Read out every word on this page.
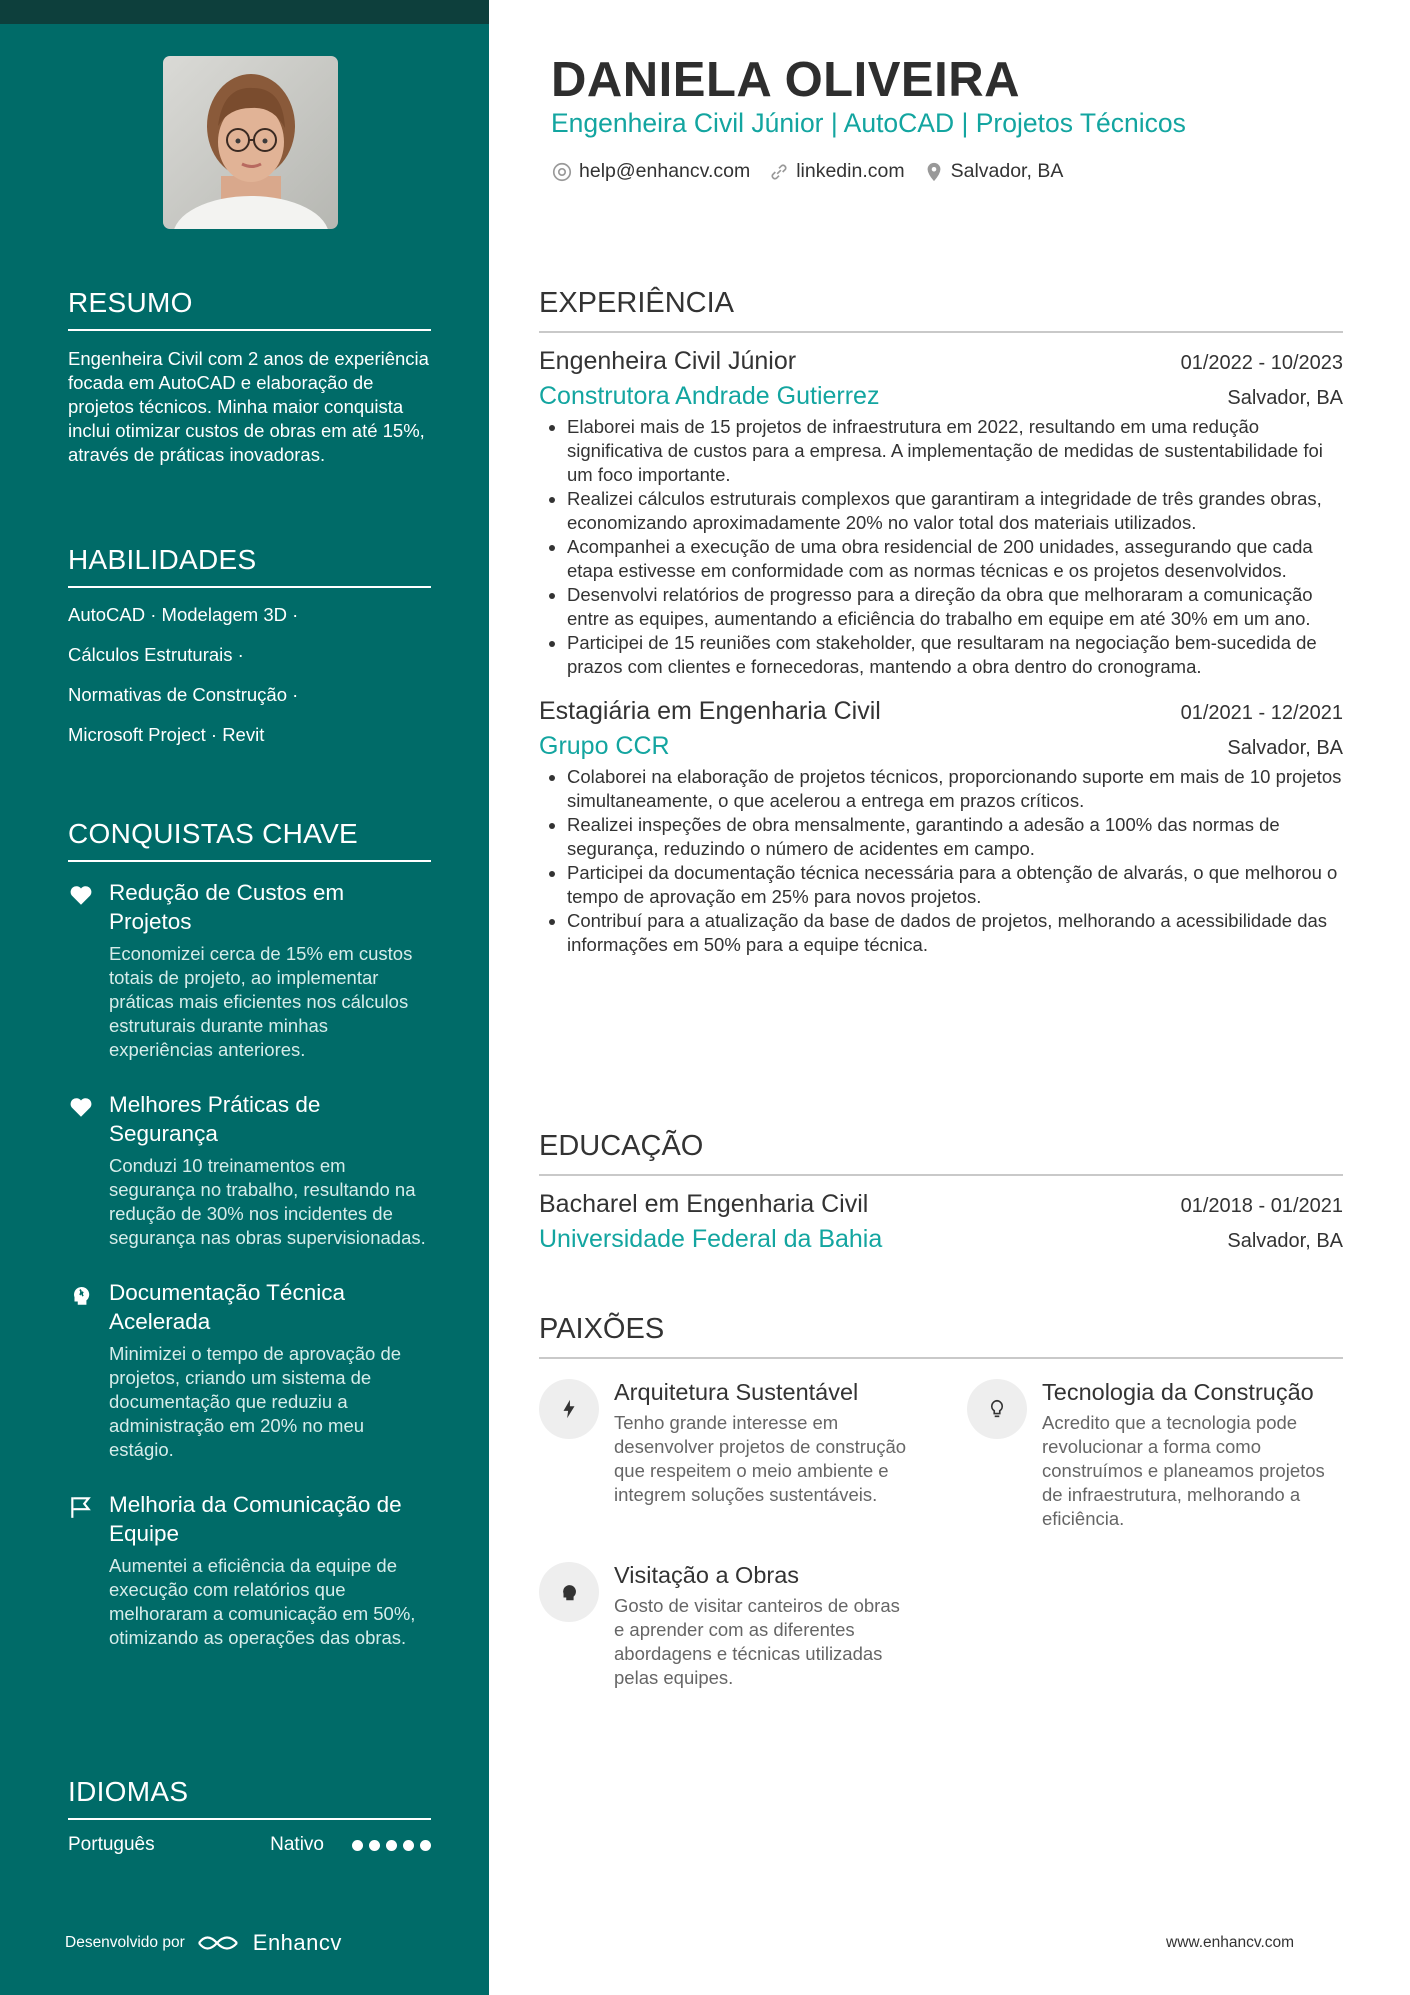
RESUMO
Engenheira Civil com 2 anos de experiência focada em AutoCAD e elaboração de projetos técnicos. Minha maior conquista inclui otimizar custos de obras em até 15%, através de práticas inovadoras.
HABILIDADES
AutoCAD · Modelagem 3D ·
Cálculos Estruturais ·
Normativas de Construção ·
Microsoft Project · Revit
CONQUISTAS CHAVE
Redução de Custos em Projetos
Economizei cerca de 15% em custos totais de projeto, ao implementar práticas mais eficientes nos cálculos estruturais durante minhas experiências anteriores.
Melhores Práticas de Segurança
Conduzi 10 treinamentos em segurança no trabalho, resultando na redução de 30% nos incidentes de segurança nas obras supervisionadas.
Documentação Técnica Acelerada
Minimizei o tempo de aprovação de projetos, criando um sistema de documentação que reduziu a administração em 20% no meu estágio.
Melhoria da Comunicação de Equipe
Aumentei a eficiência da equipe de execução com relatórios que melhoraram a comunicação em 50%, otimizando as operações das obras.
IDIOMAS
Português	Nativo
Desenvolvido por	Enhancv
DANIELA OLIVEIRA
Engenheira Civil Júnior | AutoCAD | Projetos Técnicos
help@enhancv.com linkedin.com Salvador, BA
EXPERIÊNCIA
Engenheira Civil Júnior	01/2022 - 10/2023
Construtora Andrade Gutierrez	Salvador, BA
• Elaborei mais de 15 projetos de infraestrutura em 2022, resultando em uma redução significativa de custos para a empresa. A implementação de medidas de sustentabilidade foi um foco importante.
• Realizei cálculos estruturais complexos que garantiram a integridade de três grandes obras, economizando aproximadamente 20% no valor total dos materiais utilizados.
• Acompanhei a execução de uma obra residencial de 200 unidades, assegurando que cada etapa estivesse em conformidade com as normas técnicas e os projetos desenvolvidos.
• Desenvolvi relatórios de progresso para a direção da obra que melhoraram a comunicação entre as equipes, aumentando a eficiência do trabalho em equipe em até 30% em um ano.
• Participei de 15 reuniões com stakeholder, que resultaram na negociação bem-sucedida de prazos com clientes e fornecedoras, mantendo a obra dentro do cronograma.
Estagiária em Engenharia Civil	01/2021 - 12/2021
Grupo CCR	Salvador, BA
• Colaborei na elaboração de projetos técnicos, proporcionando suporte em mais de 10 projetos simultaneamente, o que acelerou a entrega em prazos críticos.
• Realizei inspeções de obra mensalmente, garantindo a adesão a 100% das normas de segurança, reduzindo o número de acidentes em campo.
• Participei da documentação técnica necessária para a obtenção de alvarás, o que melhorou o tempo de aprovação em 25% para novos projetos.
• Contribuí para a atualização da base de dados de projetos, melhorando a acessibilidade das informações em 50% para a equipe técnica.
EDUCAÇÃO
Bacharel em Engenharia Civil	01/2018 - 01/2021
Universidade Federal da Bahia	Salvador, BA
PAIXÕES
Arquitetura Sustentável
Tenho grande interesse em desenvolver projetos de construção que respeitem o meio ambiente e integrem soluções sustentáveis.
Tecnologia da Construção
Acredito que a tecnologia pode revolucionar a forma como construímos e planeamos projetos de infraestrutura, melhorando a eficiência.
Visitação a Obras
Gosto de visitar canteiros de obras e aprender com as diferentes abordagens e técnicas utilizadas pelas equipes.
www.enhancv.com
